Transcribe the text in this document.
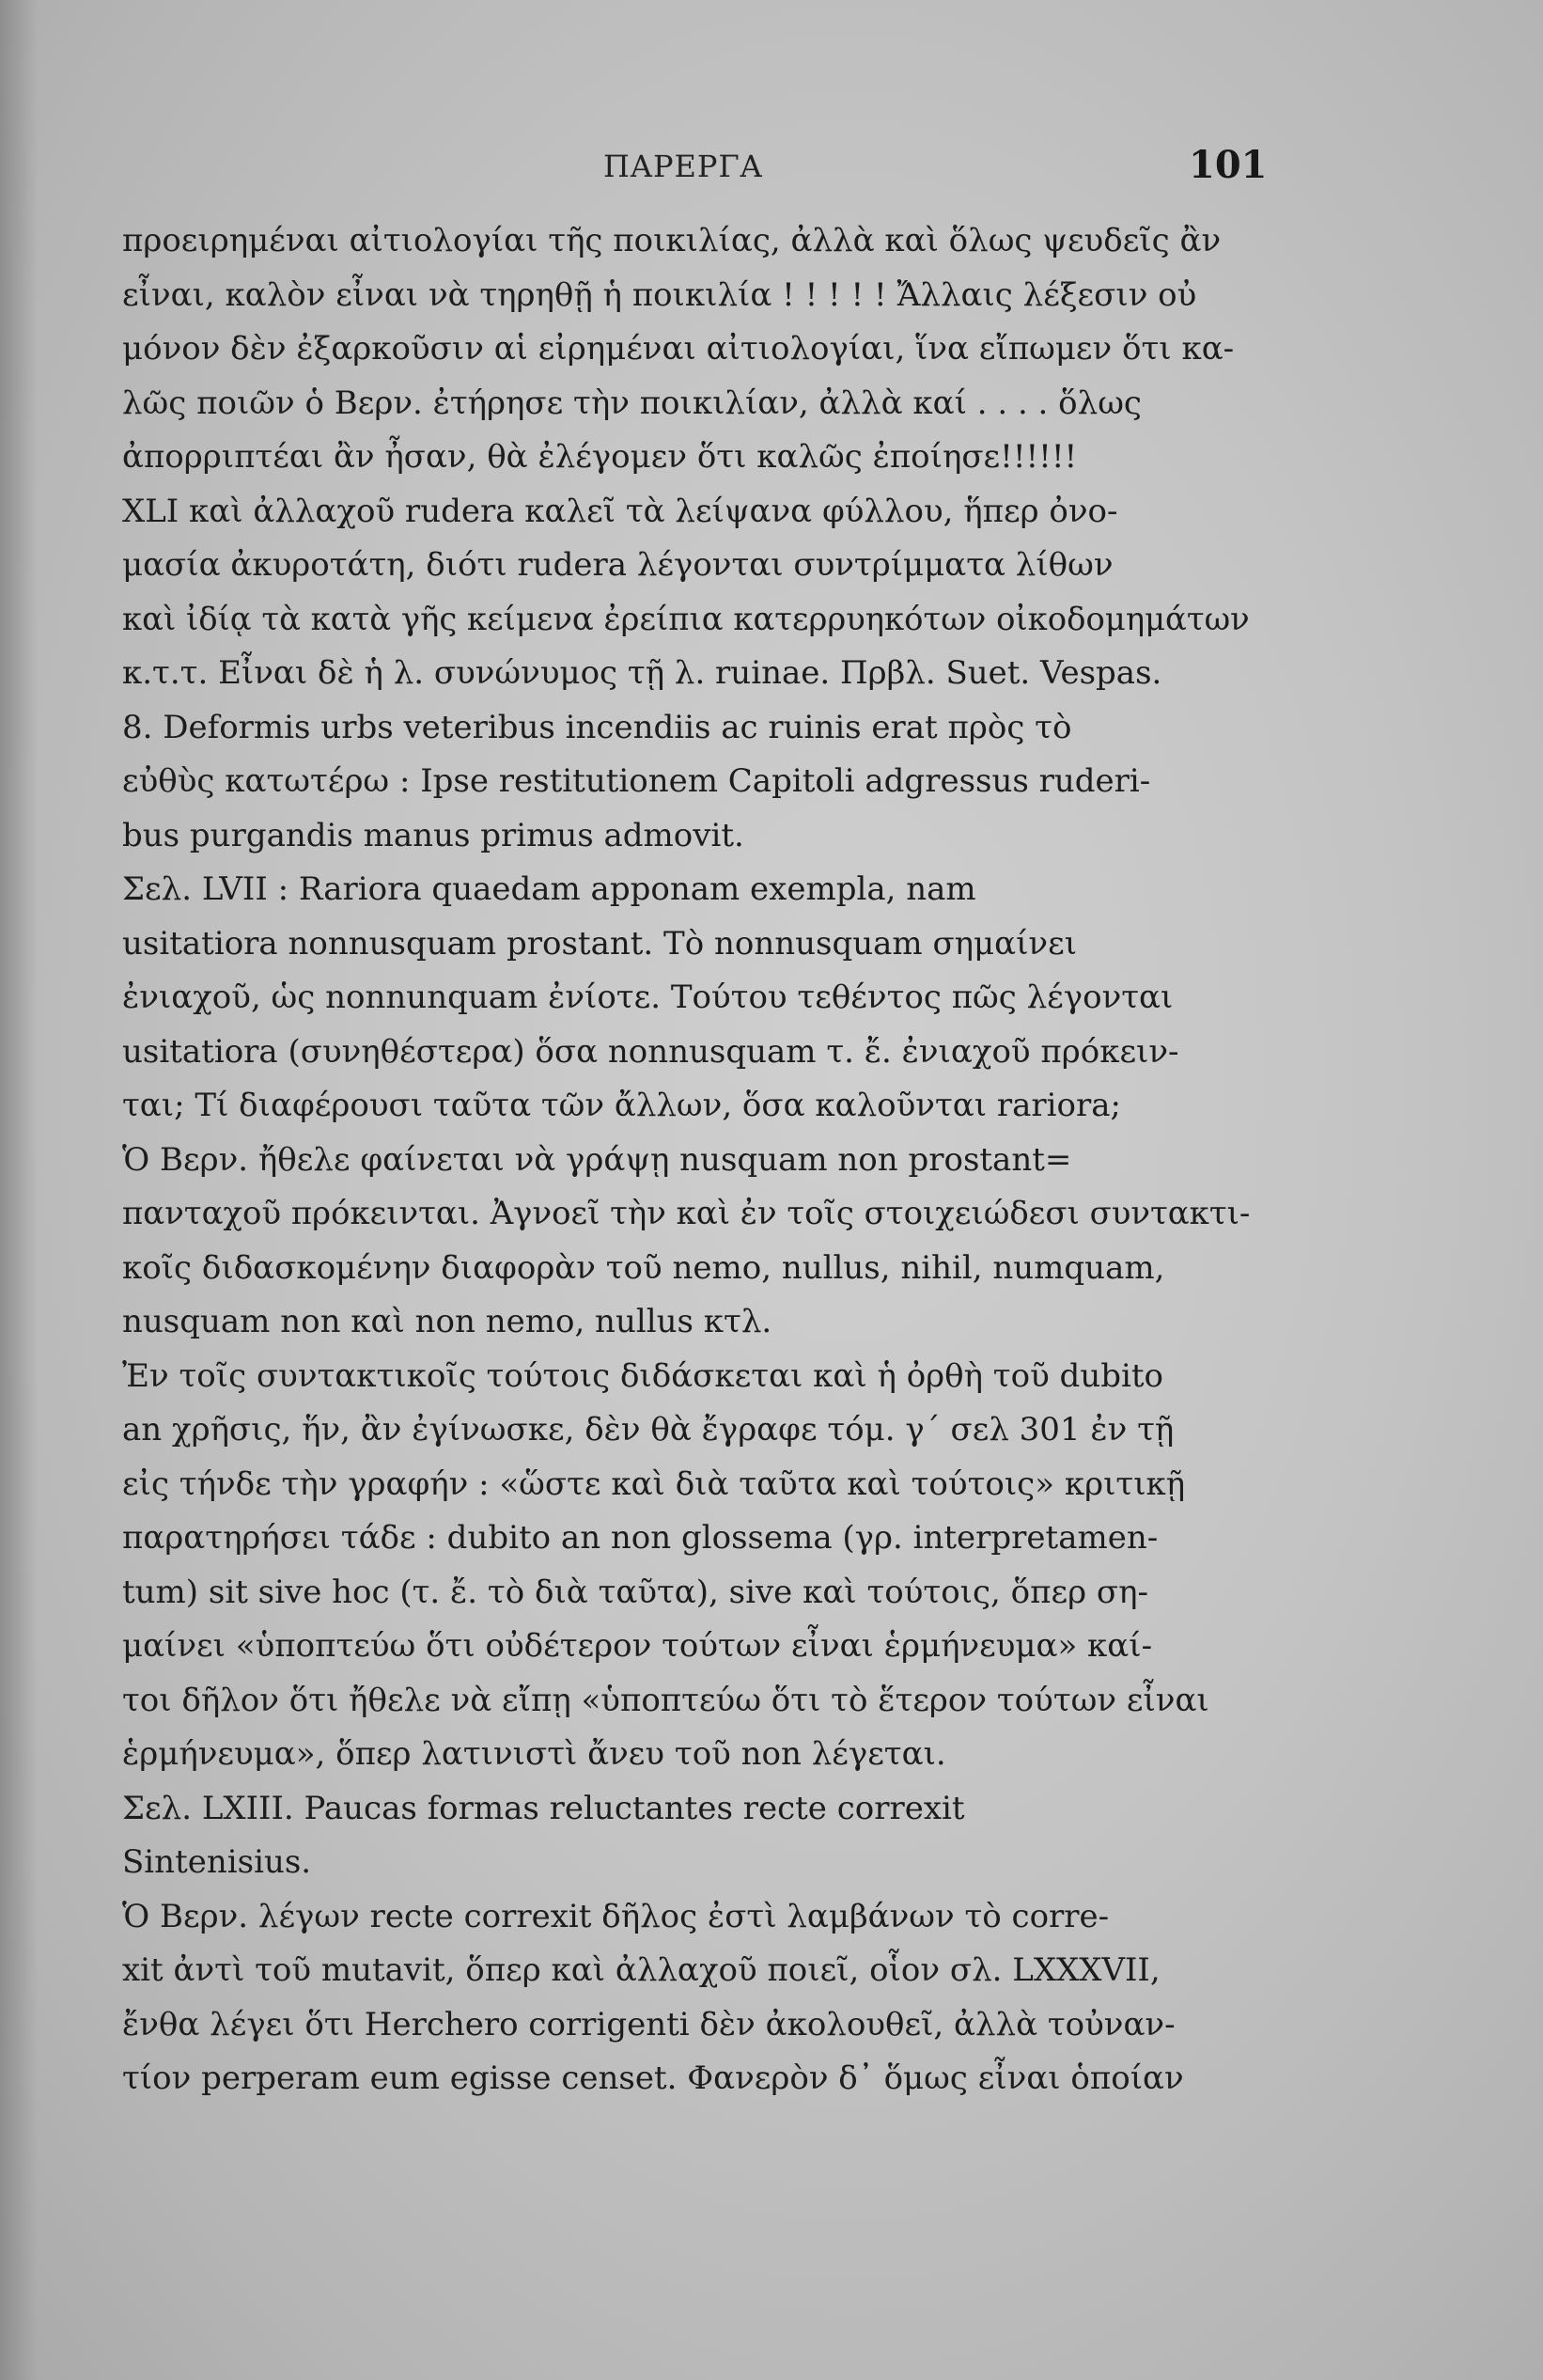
ΠΑΡΕΡΓΑ	101
προειρημέναι αἰτιολογίαι τῆς ποικιλίας, ἀλλὰ καὶ ὅλως ψευδεῖς ἂν
εἶναι, καλὸν εἶναι νὰ τηρηθῇ ἡ ποικιλία ! ! ! ! ! Ἄλλαις λέξεσιν οὐ
μόνον δὲν ἐξαρκοῦσιν αἱ εἰρημέναι αἰτιολογίαι, ἵνα εἴπωμεν ὅτι κα-
λῶς ποιῶν ὁ Βερν. ἐτήρησε τὴν ποικιλίαν, ἀλλὰ καί . . . . ὅλως
ἀπορριπτέαι ἂν ἦσαν, θὰ ἐλέγομεν ὅτι καλῶς ἐποίησε!!!!!!
XLI καὶ ἀλλαχοῦ rudera καλεῖ τὰ λείψανα φύλλου, ἥπερ ὀνο-
μασία ἀκυροτάτη, διότι rudera λέγονται συντρίμματα λίθων
καὶ ἰδίᾳ τὰ κατὰ γῆς κείμενα ἐρείπια κατερρυηκότων οἰκοδομημάτων
κ.τ.τ. Εἶναι δὲ ἡ λ. συνώνυμος τῇ λ. ruinae. Πρβλ. Suet. Vespas.
8. Deformis urbs veteribus incendiis ac ruinis erat πρὸς τὸ
εὐθὺς κατωτέρω : Ipse restitutionem Capitoli adgressus ruderi-
bus purgandis manus primus admovit.
Σελ. LVII : Rariora quaedam apponam exempla, nam
usitatiora nonnusquam prostant. Τὸ nonnusquam σημαίνει
ἐνιαχοῦ, ὡς nonnunquam ἐνίοτε. Τούτου τεθέντος πῶς λέγονται
usitatiora (συνηθέστερα) ὅσα nonnusquam τ. ἔ. ἐνιαχοῦ πρόκειν-
ται; Τί διαφέρουσι ταῦτα τῶν ἄλλων, ὅσα καλοῦνται rariora;
Ὁ Βερν. ἤθελε φαίνεται νὰ γράψῃ nusquam non prostant=
πανταχοῦ πρόκεινται. Ἀγνοεῖ τὴν καὶ ἐν τοῖς στοιχειώδεσι συντακτι-
κοῖς διδασκομένην διαφορὰν τοῦ nemo, nullus, nihil, numquam,
nusquam non καὶ non nemo, nullus κτλ.
Ἐν τοῖς συντακτικοῖς τούτοις διδάσκεται καὶ ἡ ὀρθὴ τοῦ dubito
an χρῆσις, ἥν, ἂν ἐγίνωσκε, δὲν θὰ ἔγραφε τόμ. γ΄ σελ 301 ἐν τῇ
εἰς τήνδε τὴν γραφήν : «ὥστε καὶ διὰ ταῦτα καὶ τούτοις» κριτικῇ
παρατηρήσει τάδε : dubito an non glossema (γρ. interpretamen-
tum) sit sive hoc (τ. ἔ. τὸ διὰ ταῦτα), sive καὶ τούτοις, ὅπερ ση-
μαίνει «ὑποπτεύω ὅτι οὐδέτερον τούτων εἶναι ἑρμήνευμα» καί-
τοι δῆλον ὅτι ἤθελε νὰ εἴπῃ «ὑποπτεύω ὅτι τὸ ἕτερον τούτων εἶναι
ἑρμήνευμα», ὅπερ λατινιστὶ ἄνευ τοῦ non λέγεται.
Σελ. LXIII. Paucas formas reluctantes recte correxit
Sintenisius.
Ὁ Βερν. λέγων recte correxit δῆλος ἐστὶ λαμβάνων τὸ corre-
xit ἀντὶ τοῦ mutavit, ὅπερ καὶ ἀλλαχοῦ ποιεῖ, οἷον σλ. LXXXVII,
ἔνθα λέγει ὅτι Herchero corrigenti δὲν ἀκολουθεῖ, ἀλλὰ τοὐναν-
τίον perperam eum egisse censet. Φανερὸν δ᾽ ὅμως εἶναι ὁποίαν
